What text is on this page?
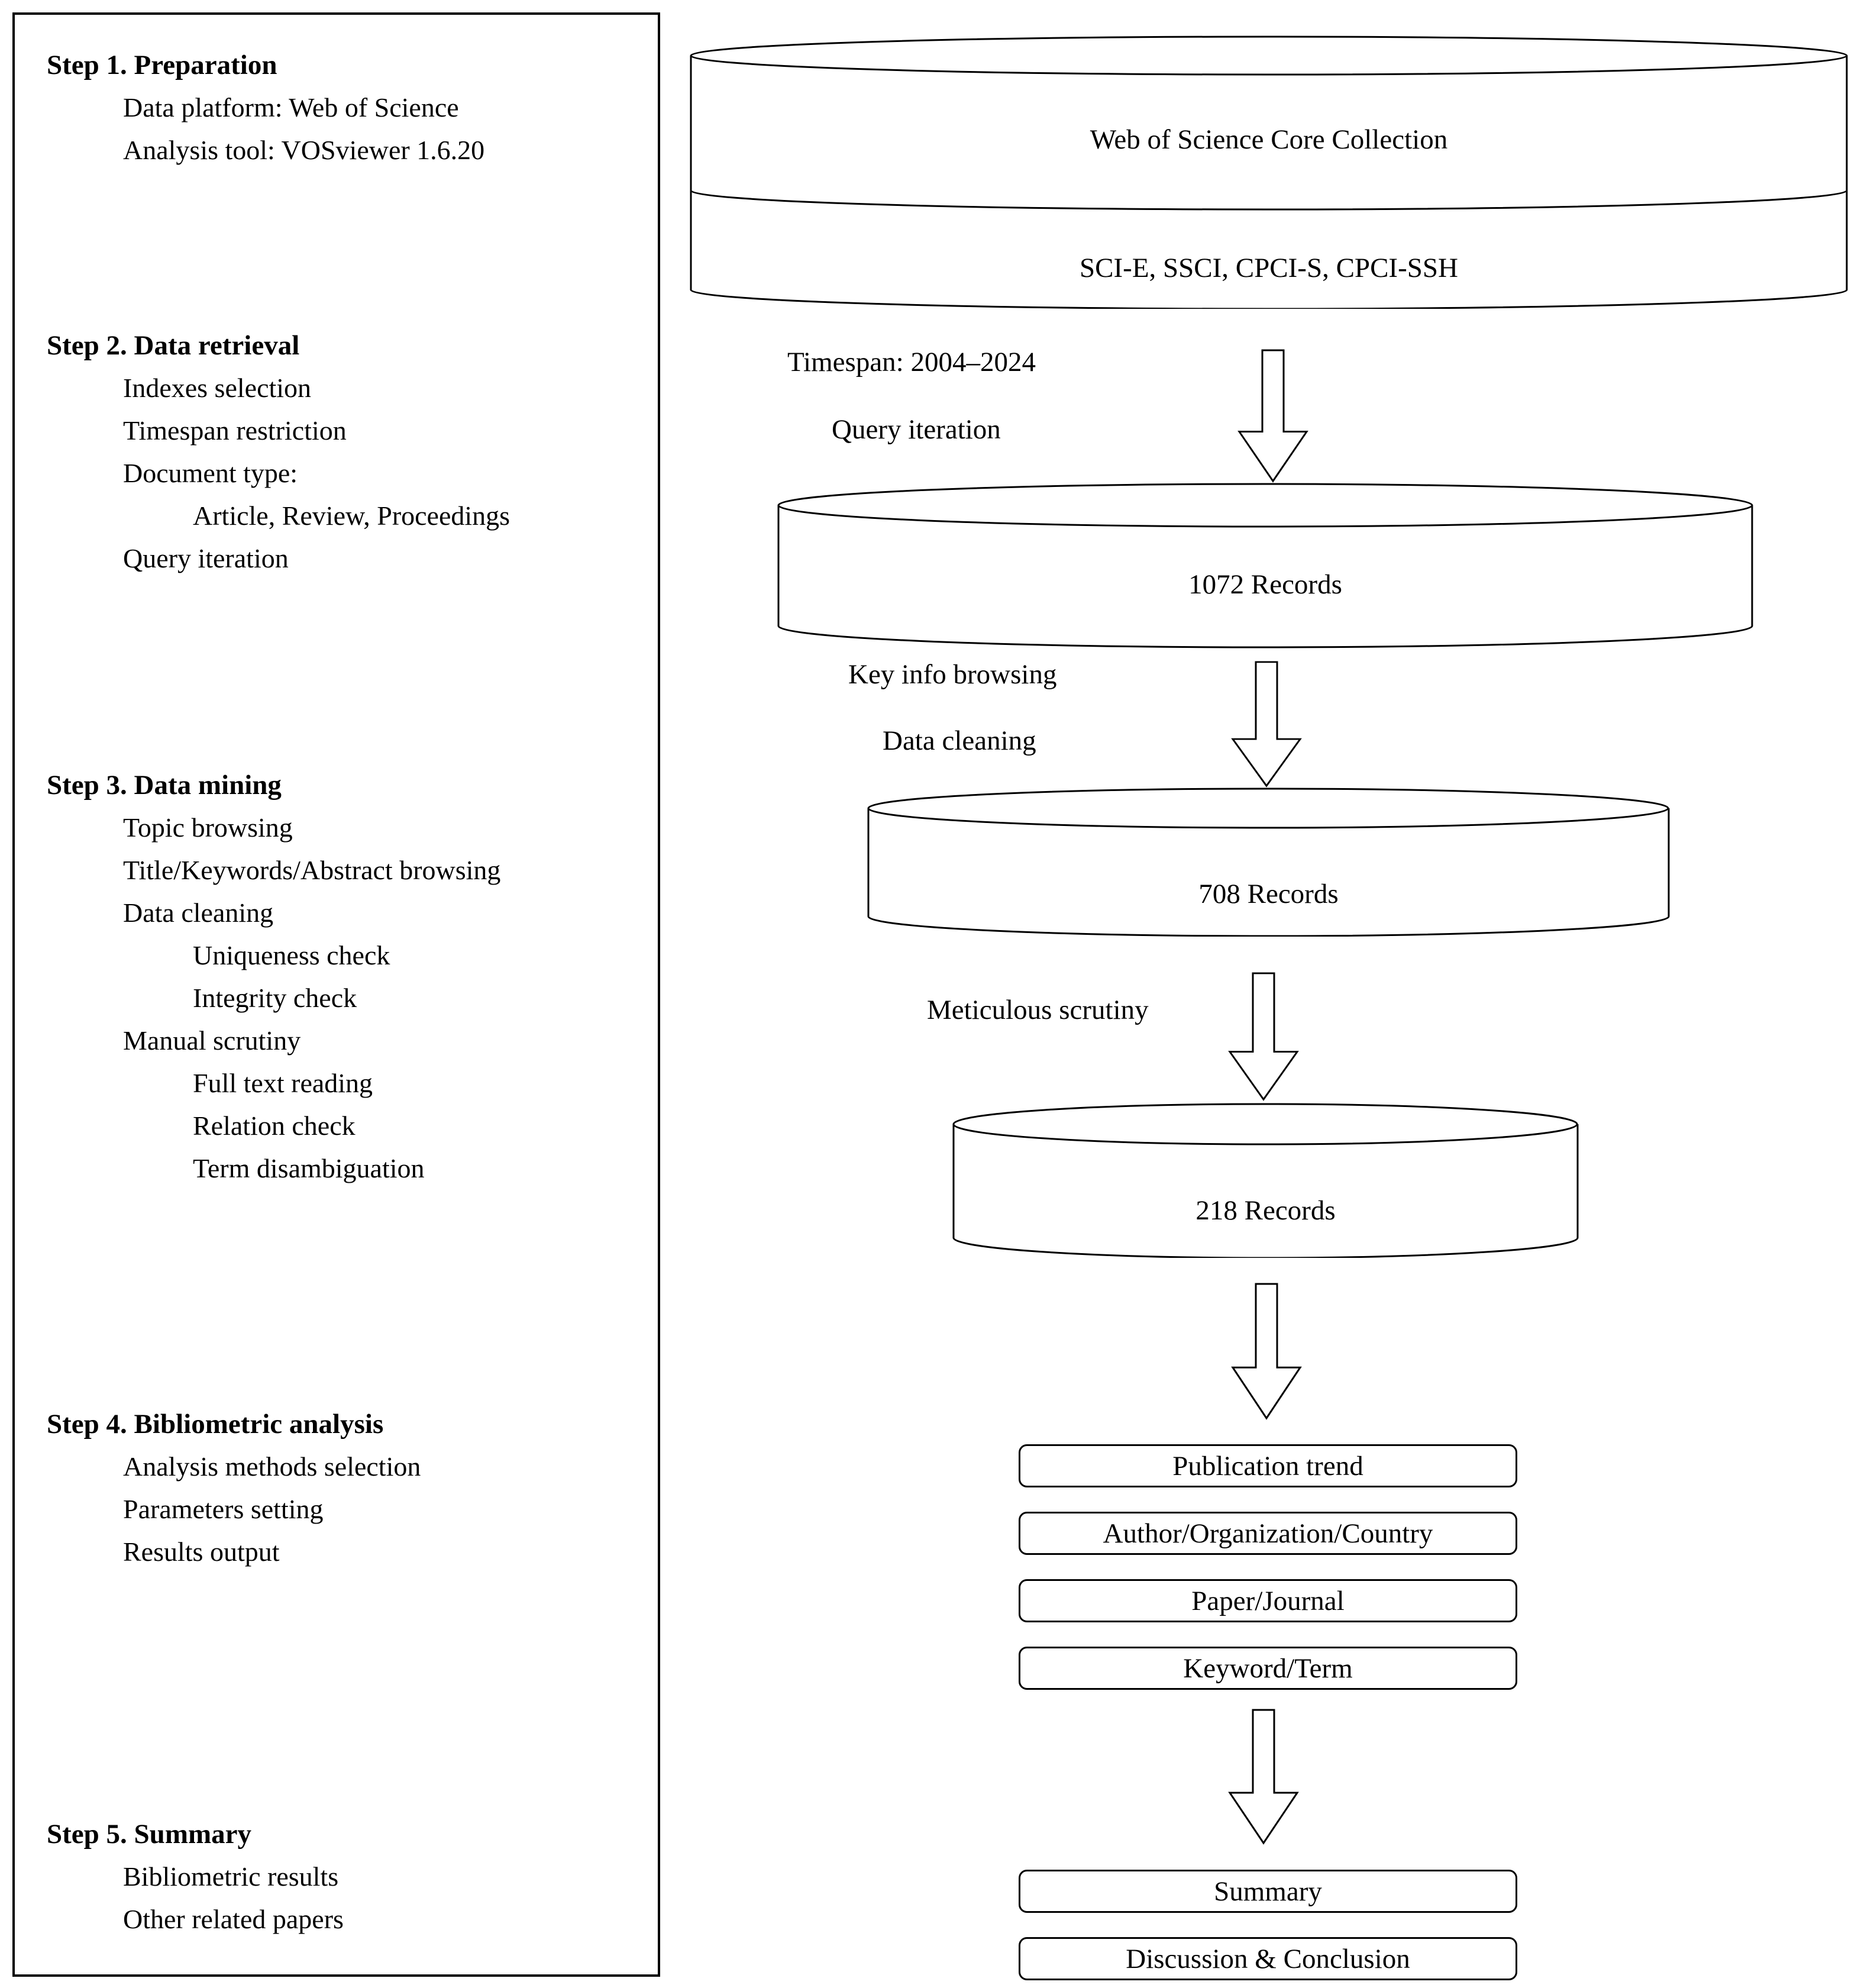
Step 1. Preparation
Data platform: Web of Science
Analysis tool: VOSviewer 1.6.20
Step 2. Data retrieval
Indexes selection
Timespan restriction
Document type:
Article, Review, Proceedings
Query iteration
Step 3. Data mining
Topic browsing
Title/Keywords/Abstract browsing
Data cleaning
Uniqueness check
Integrity check
Manual scrutiny
Full text reading
Relation check
Term disambiguation
Step 4. Bibliometric analysis
Analysis methods selection
Parameters setting
Results output
Step 5. Summary
Bibliometric results
Other related papers
Web of Science Core Collection
SCI-E, SSCI, CPCI-S, CPCI-SSH
Timespan: 2004–2024
Query iteration
1072 Records
Key info browsing
Data cleaning
708 Records
Meticulous scrutiny
218 Records
Publication trend
Author/Organization/Country
Paper/Journal
Keyword/Term
Summary
Discussion & Conclusion
